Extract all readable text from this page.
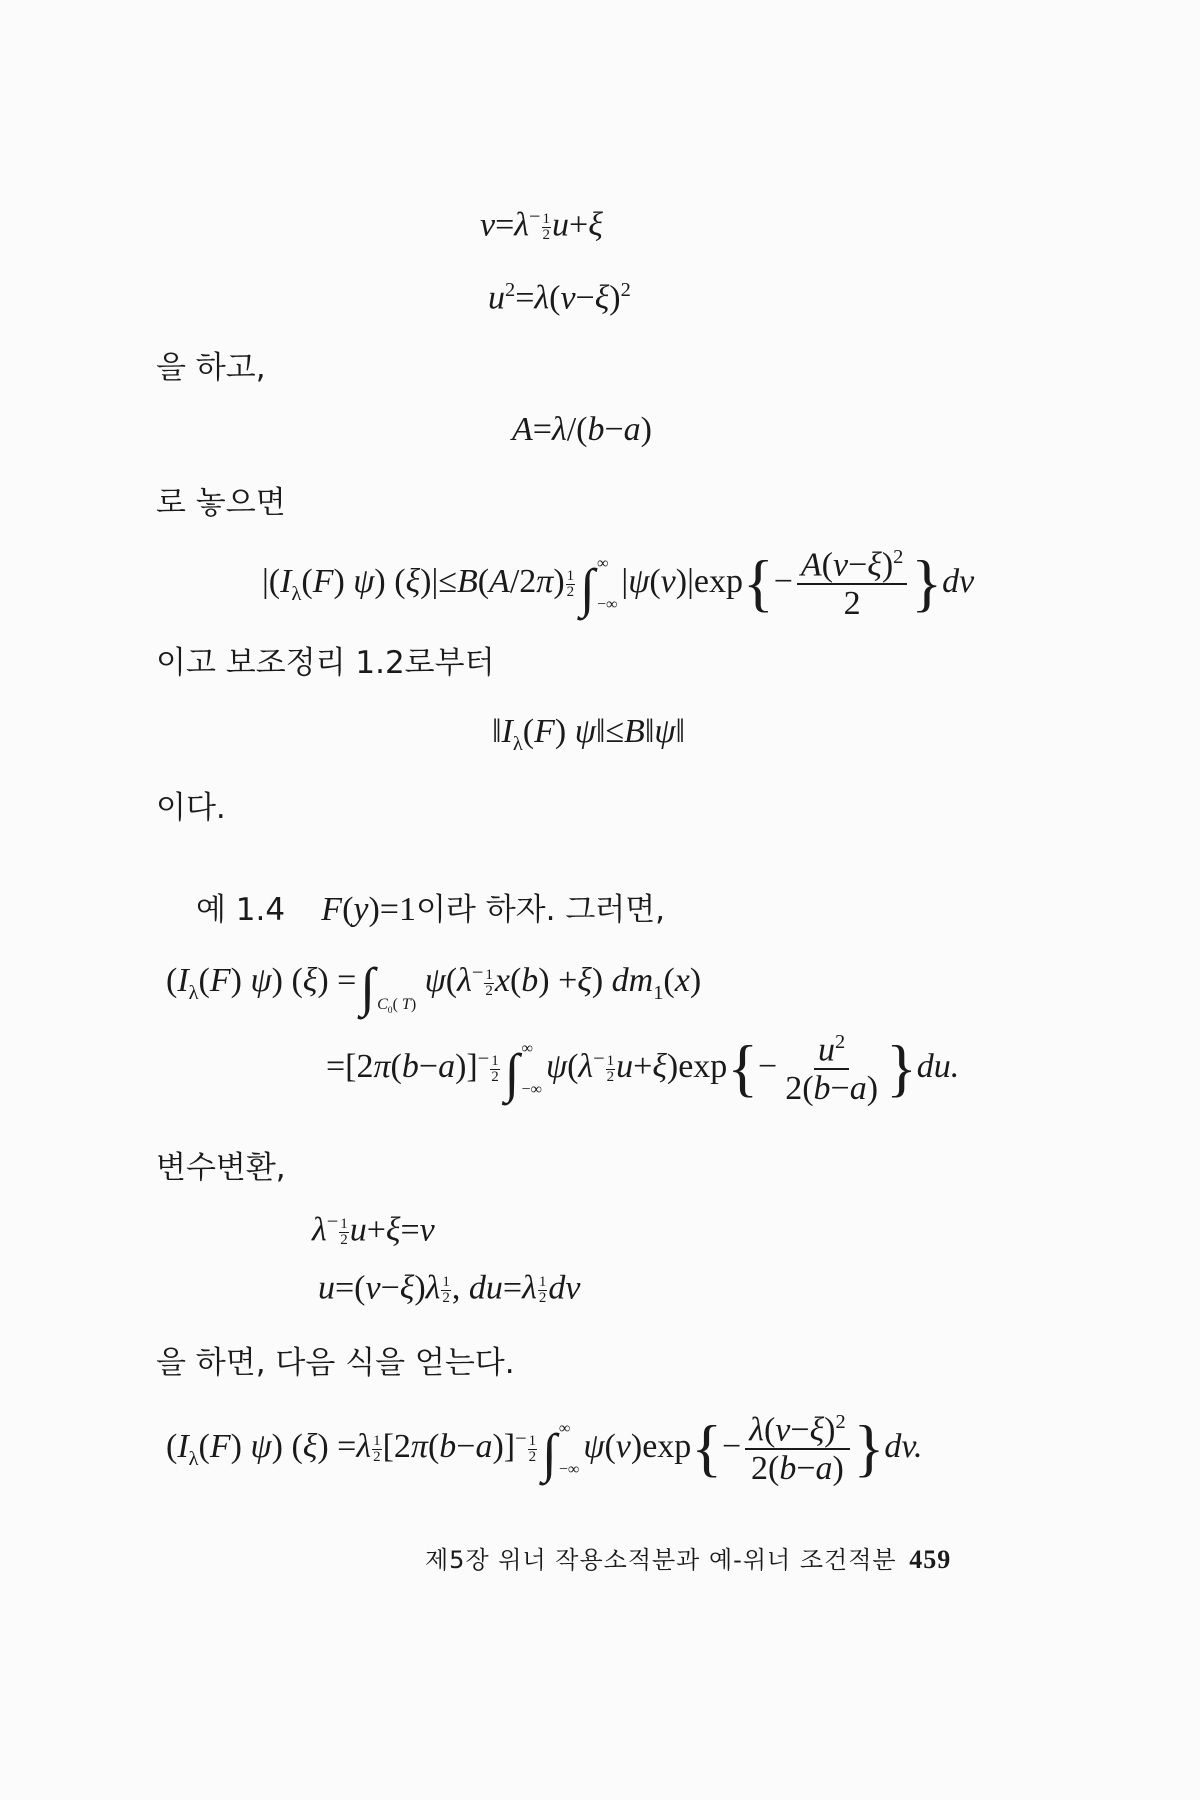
$v=\lambda^{- \frac{1}{2}}$ u+ξ
$u^2=\lambda(v-\xi)^2$
을 하고,
A=λ/(b−a)
로 놓으면
$|(I_\lambda(F)$ ψ) (ξ)|≤B(A/2π) $^{\frac{1}{2}}$ ∫ ∞
−∞
$|\psi(v)|\exp\{- \frac{A(v-\xi)^2}{2} \}dv$
이고 보조정리 1.2로부터
$‖I_\lambda(F)$ ψ‖≤B‖ψ‖
이다.
예 1.4 F(y)=1이라 하자. 그러면,
($I_\lambda(F)$ ψ) (ξ) =∫ $_{C_0( T)}$ $\psi(\lambda^{- \frac{1}{2}}$ x(b) +ξ) $dm_1(x)$
$=[2\pi(b-a)]^{- \frac{1}{2}}$ ∫ ∞
−∞
$\psi(\lambda^{- \frac{1}{2}}$ $u+\xi)\exp\{- \frac{u^2}{2(b-a)} \}du$.
변수변환,
$\lambda^{- \frac{1}{2}}$ u+ξ=v
u=(v−ξ)λ $^{\frac{1}{2}}$ , du=λ $^{\frac{1}{2}}$ dv
을 하면, 다음 식을 얻는다.
($I_\lambda(F)$ ψ) (ξ) =λ $^{\frac{1}{2}}$ $[2\pi(b-a)]^{- \frac{1}{2}}$ ∫ ∞
−∞
$\psi(v)\exp\{- \frac{\lambda(v-\xi)^2}{2(b-a)} \}dv$.
제5장 위너 작용소적분과 예-위너 조건적분 459
